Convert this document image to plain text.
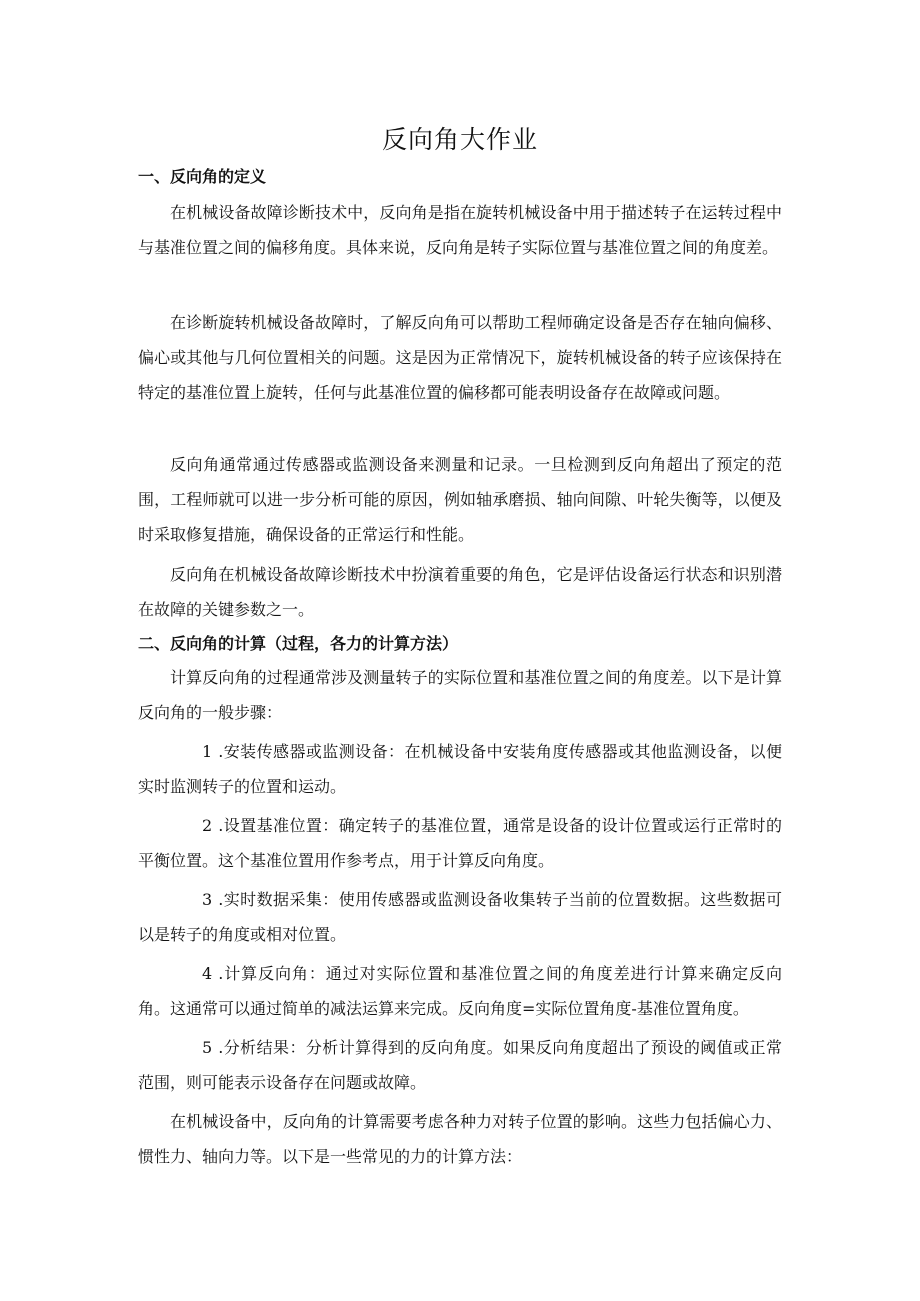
反向角大作业
一、反向角的定义

在机械设备故障诊断技术中，反向角是指在旋转机械设备中用于描述转子在运转过程中与基准位置之间的偏移角度。具体来说，反向角是转子实际位置与基准位置之间的角度差。

在诊断旋转机械设备故障时，了解反向角可以帮助工程师确定设备是否存在轴向偏移、偏心或其他与几何位置相关的问题。这是因为正常情况下，旋转机械设备的转子应该保持在特定的基准位置上旋转，任何与此基准位置的偏移都可能表明设备存在故障或问题。

反向角通常通过传感器或监测设备来测量和记录。一旦检测到反向角超出了预定的范围，工程师就可以进一步分析可能的原因，例如轴承磨损、轴向间隙、叶轮失衡等，以便及时采取修复措施，确保设备的正常运行和性能。

反向角在机械设备故障诊断技术中扮演着重要的角色，它是评估设备运行状态和识别潜在故障的关键参数之一。

二、反向角的计算（过程，各力的计算方法）

计算反向角的过程通常涉及测量转子的实际位置和基准位置之间的角度差。以下是计算反向角的一般步骤：

1 .安装传感器或监测设备：在机械设备中安装角度传感器或其他监测设备，以便实时监测转子的位置和运动。

2 .设置基准位置：确定转子的基准位置，通常是设备的设计位置或运行正常时的平衡位置。这个基准位置用作参考点，用于计算反向角度。

3 .实时数据采集：使用传感器或监测设备收集转子当前的位置数据。这些数据可以是转子的角度或相对位置。

4 .计算反向角：通过对实际位置和基准位置之间的角度差进行计算来确定反向角。这通常可以通过简单的减法运算来完成。反向角度=实际位置角度-基准位置角度。

5 .分析结果：分析计算得到的反向角度。如果反向角度超出了预设的阈值或正常范围，则可能表示设备存在问题或故障。

在机械设备中，反向角的计算需要考虑各种力对转子位置的影响。这些力包括偏心力、惯性力、轴向力等。以下是一些常见的力的计算方法：
